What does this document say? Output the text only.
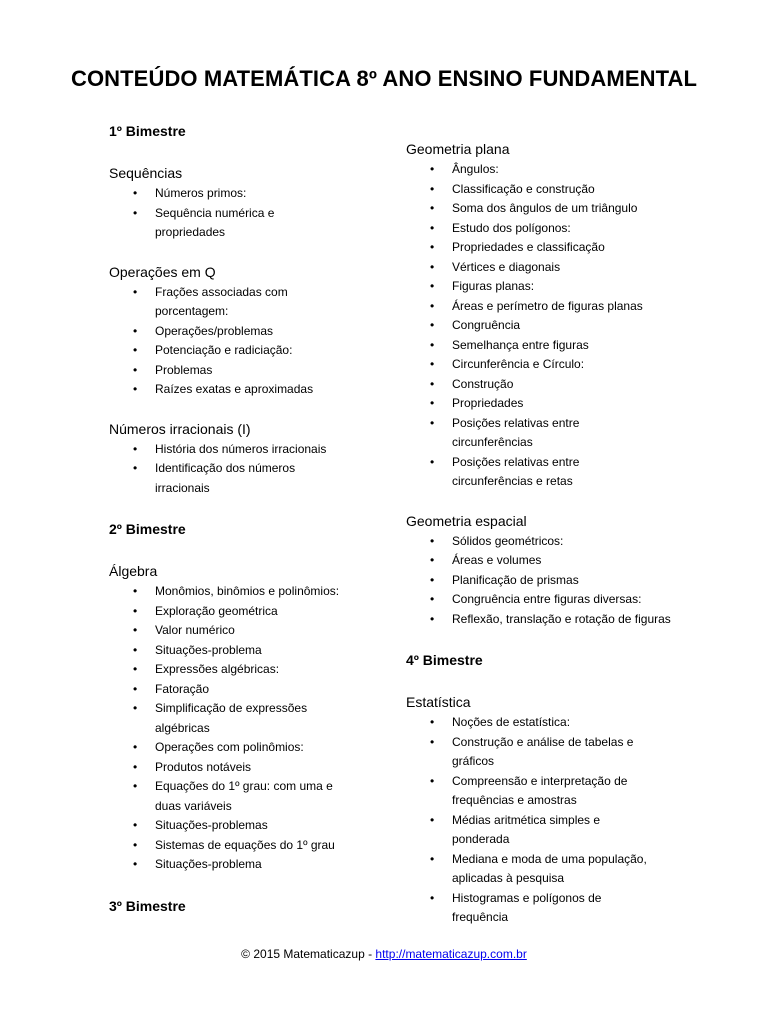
CONTEÚDO MATEMÁTICA 8º ANO ENSINO FUNDAMENTAL
1º Bimestre
Sequências
• Números primos:
• Sequência numérica e propriedades
Operações em Q
• Frações associadas com porcentagem:
• Operações/problemas
• Potenciação e radiciação:
• Problemas
• Raízes exatas e aproximadas
Números irracionais (I)
• História dos números irracionais
• Identificação dos números irracionais
2º Bimestre
Álgebra
• Monômios, binômios e polinômios:
• Exploração geométrica
• Valor numérico
• Situações-problema
• Expressões algébricas:
• Fatoração
• Simplificação de expressões algébricas
• Operações com polinômios:
• Produtos notáveis
• Equações do 1º grau: com uma e duas variáveis
• Situações-problemas
• Sistemas de equações do 1º grau
• Situações-problema
3º Bimestre
Geometria plana
• Ângulos:
• Classificação e construção
• Soma dos ângulos de um triângulo
• Estudo dos polígonos:
• Propriedades e classificação
• Vértices e diagonais
• Figuras planas:
• Áreas e perímetro de figuras planas
• Congruência
• Semelhança entre figuras
• Circunferência e Círculo:
• Construção
• Propriedades
• Posições relativas entre circunferências
• Posições relativas entre circunferências e retas
Geometria espacial
• Sólidos geométricos:
• Áreas e volumes
• Planificação de prismas
• Congruência entre figuras diversas:
• Reflexão, translação e rotação de figuras
4º Bimestre
Estatística
• Noções de estatística:
• Construção e análise de tabelas e gráficos
• Compreensão e interpretação de frequências e amostras
• Médias aritmética simples e ponderada
• Mediana e moda de uma população, aplicadas à pesquisa
• Histogramas e polígonos de frequência
© 2015 Matematicazup - http://matematicazup.com.br
